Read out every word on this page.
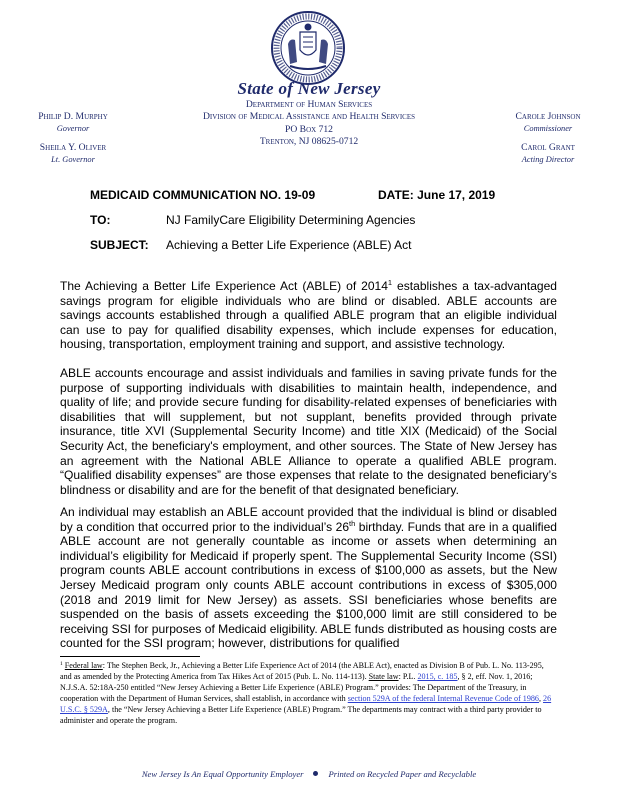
State of New Jersey
Department of Human Services
Division of Medical Assistance and Health Services
PO Box 712
Trenton, NJ 08625-0712
Philip D. Murphy
Governor
Sheila Y. Oliver
Lt. Governor
Carole Johnson
Commissioner
Carol Grant
Acting Director
MEDICAID COMMUNICATION NO. 19-09	DATE: June 17, 2019
TO:	NJ FamilyCare Eligibility Determining Agencies
SUBJECT: Achieving a Better Life Experience (ABLE) Act
The Achieving a Better Life Experience Act (ABLE) of 2014$^1$ establishes a tax-advantaged savings program for eligible individuals who are blind or disabled. ABLE accounts are savings accounts established through a qualified ABLE program that an eligible individual can use to pay for qualified disability expenses, which include expenses for education, housing, transportation, employment training and support, and assistive technology.
ABLE accounts encourage and assist individuals and families in saving private funds for the purpose of supporting individuals with disabilities to maintain health, independence, and quality of life; and provide secure funding for disability-related expenses of beneficiaries with disabilities that will supplement, but not supplant, benefits provided through private insurance, title XVI (Supplemental Security Income) and title XIX (Medicaid) of the Social Security Act, the beneficiary's employment, and other sources. The State of New Jersey has an agreement with the National ABLE Alliance to operate a qualified ABLE program. “Qualified disability expenses” are those expenses that relate to the designated beneficiary’s blindness or disability and are for the benefit of that designated beneficiary.
An individual may establish an ABLE account provided that the individual is blind or disabled by a condition that occurred prior to the individual’s 26th birthday. Funds that are in a qualified ABLE account are not generally countable as income or assets when determining an individual’s eligibility for Medicaid if properly spent. The Supplemental Security Income (SSI) program counts ABLE account contributions in excess of $100,000 as assets, but the New Jersey Medicaid program only counts ABLE account contributions in excess of $305,000 (2018 and 2019 limit for New Jersey) as assets. SSI beneficiaries whose benefits are suspended on the basis of assets exceeding the $100,000 limit are still considered to be receiving SSI for purposes of Medicaid eligibility. ABLE funds distributed as housing costs are counted for the SSI program; however, distributions for qualified
$^1$ Federal law: The Stephen Beck, Jr., Achieving a Better Life Experience Act of 2014 (the ABLE Act), enacted as Division B of Pub. L. No. 113-295, and as amended by the Protecting America from Tax Hikes Act of 2015 (Pub. L. No. 114-113). State law: P.L. 2015, c. 185, § 2, eff. Nov. 1, 2016; N.J.S.A. 52:18A-250 entitled “New Jersey Achieving a Better Life Experience (ABLE) Program.” provides: The Department of the Treasury, in cooperation with the Department of Human Services, shall establish, in accordance with section 529A of the federal Internal Revenue Code of 1986, 26 U.S.C. § 529A, the “New Jersey Achieving a Better Life Experience (ABLE) Program.” The departments may contract with a third party provider to administer and operate the program.
New Jersey Is An Equal Opportunity Employer	Printed on Recycled Paper and Recyclable
